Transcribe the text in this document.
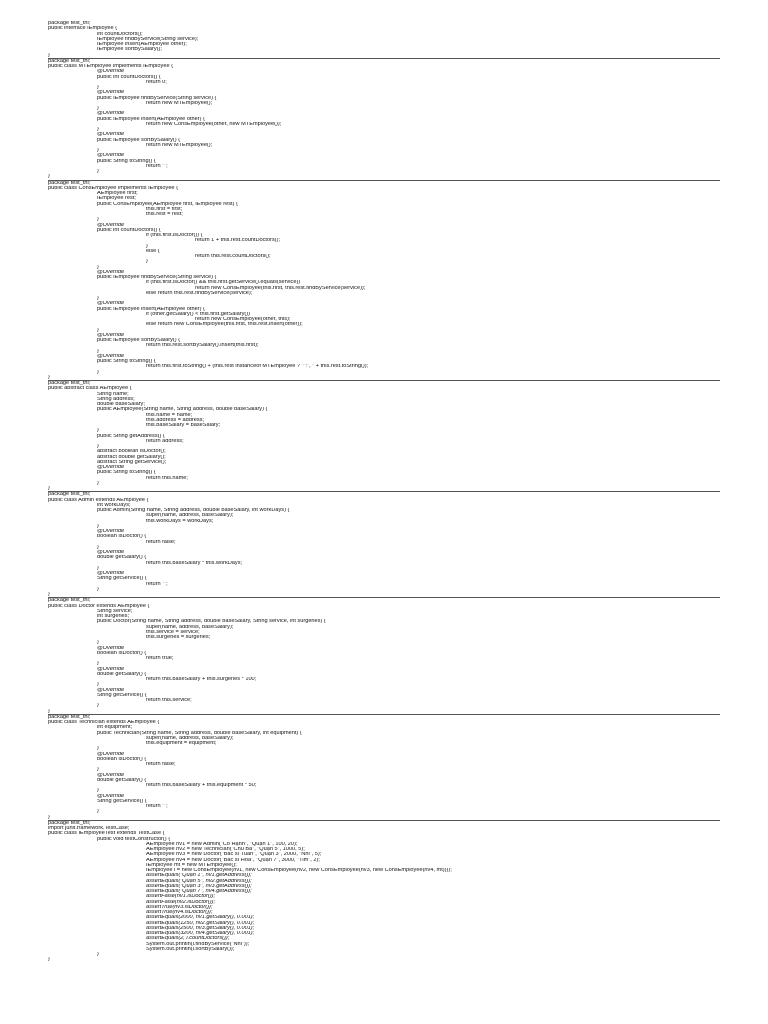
package test_thi;
public interface IEmployee {
int countDoctors();
IEmployee findByService(String service);
IEmployee insert(AEmployee other);
IEmployee sortBySalary();
}
package test_thi;
public class MTEmployee implements IEmployee {
@Override
public int countDoctors() {
return 0;
}
@Override
public IEmployee findByService(String service) {
return new MTEmployee();
}
@Override
public IEmployee insert(AEmployee other) {
return new ConsEmployee(other, new MTEmployee());
}
@Override
public IEmployee sortBySalary() {
return new MTEmployee();
}
@Override
public String toString() {
return "";
}
}
package test_thi;
public class ConsEmployee implements IEmployee {
AEmployee first;
IEmployee rest;
public ConsEmployee(AEmployee first, IEmployee rest) {
this.first = first;
this.rest = rest;
}
@Override
public int countDoctors() {
if (this.first.isDoctor()) {
return 1 + this.rest.countDoctors();
}
else {
return this.rest.countDoctors();
}
}
@Override
public IEmployee findByService(String service) {
if (this.first.isDoctor() && this.first.getService().equals(service))
return new ConsEmployee(this.first, this.rest.findByService(service));
else return this.rest.findByService(service);
}
@Override
public IEmployee insert(AEmployee other) {
if (other.getSalary() < this.first.getSalary())
return new ConsEmployee(other, this);
else return new ConsEmployee(this.first, this.rest.insert(other));
}
@Override
public IEmployee sortBySalary() {
return this.rest.sortBySalary().insert(this.first);
}
@Override
public String toString() {
return this.first.toString() + (this.rest instanceof MTEmployee ? "":", " + this.rest.toString());
}
}
package test_thi;
public abstract class AEmployee {
String name;
String address;
double baseSalary;
public AEmployee(String name, String address, double baseSalary) {
this.name = name;
this.address = address;
this.baseSalary = baseSalary;
}
public String getAddress() {
return address;
}
abstract boolean isDoctor();
abstract double getSalary();
abstract String getService();
@Override
public String toString() {
return this.name;
}
}
package test_thi;
public class Admin extends AEmployee {
int workDays;
public Admin(String name, String address, double baseSalary, int workDays) {
super(name, address, baseSalary);
this.workDays = workDays;
}
@Override
boolean isDoctor() {
return false;
}
@Override
double getSalary() {
return this.baseSalary * this.workDays;
}
@Override
String getService() {
return "";
}
}
package test_thi;
public class Doctor extends AEmployee {
String service;
int surgeries;
public Doctor(String name, String address, double baseSalary, String service, int surgeries) {
super(name, address, baseSalary);
this.service = service;
this.surgeries = surgeries;
}
@Override
boolean isDoctor() {
return true;
}
@Override
double getSalary() {
return this.baseSalary + this.surgeries * 100;
}
@Override
String getService() {
return this.service;
}
}
package test_thi;
public class Technician extends AEmployee {
int equipment;
public Technician(String name, String address, double baseSalary, int equipment) {
super(name, address, baseSalary);
this.equipment = equipment;
}
@Override
boolean isDoctor() {
return false;
}
@Override
double getSalary() {
return this.baseSalary + this.equipment * 50;
}
@Override
String getService() {
return "";
}
}
package test_thi;
import junit.framework.TestCase;
public class IEmployeeTest extends TestCase {
public void testConstructor() {
AEmployee nv1 = new Admin("Cô Hạnh", "Quận 1", 100, 20);
AEmployee nv2 = new Technician("Chú Ba", "Quận 5", 1000, 5);
AEmployee nv3 = new Doctor("Bác sĩ Tuấn", "Quận 3", 2000, "Nhi", 5);
AEmployee nv4 = new Doctor("Bác sĩ Hòa", "Quận 7", 3000, "Tim", 2);
IEmployee mt = new MTEmployee();
IEmployee l = new ConsEmployee(nv1, new ConsEmployee(nv2, new ConsEmployee(nv3, new ConsEmployee(nv4, mt))));
assertEquals("Quận 1", nv1.getAddress());
assertEquals("Quận 5", nv2.getAddress());
assertEquals("Quận 3", nv3.getAddress());
assertEquals("Quận 7", nv4.getAddress());
assertFalse(nv1.isDoctor());
assertFalse(nv2.isDoctor());
assertTrue(nv3.isDoctor());
assertTrue(nv4.isDoctor());
assertEquals(2000, nv1.getSalary(), 0.001);
assertEquals(1250, nv2.getSalary(), 0.001);
assertEquals(2500, nv3.getSalary(), 0.001);
assertEquals(3200, nv4.getSalary(), 0.001);
assertEquals(2, l.countDoctors());
System.out.println(l.findByService("Nhi"));
System.out.println(l.sortBySalary());
}
}
